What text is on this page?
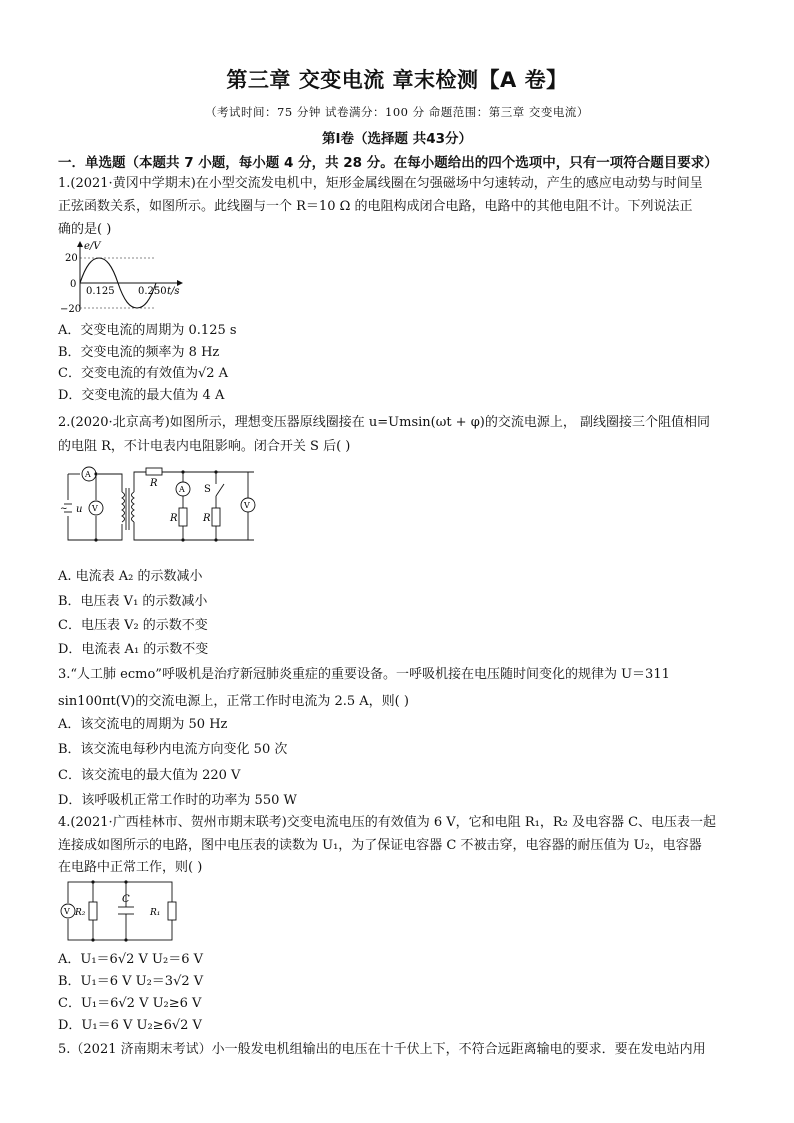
第三章 交变电流 章末检测【A 卷】
（考试时间：75 分钟 试卷满分：100 分 命题范围：第三章 交变电流）
第Ⅰ卷（选择题 共43分）
一．单选题（本题共 7 小题，每小题 4 分，共 28 分。在每小题给出的四个选项中，只有一项符合题目要求）
1.(2021·黄冈中学期末)在小型交流发电机中，矩形金属线圈在匀强磁场中匀速转动，产生的感应电动势与时间呈
正弦函数关系，如图所示。此线圈与一个 R＝10 Ω 的电阻构成闭合电路，电路中的其他电阻不计。下列说法正
确的是( )
e/V
20
0
−20
0.125 0.250 t/s
A．交变电流的周期为 0.125 s
B．交变电流的频率为 8 Hz
C．交变电流的有效值为√2 A
D．交变电流的最大值为 4 A
2.(2020·北京高考)如图所示，理想变压器原线圈接在 u=Umsin(ωt + φ)的交流电源上， 副线圈接三个阻值相同
的电阻 R，不计电表内电阻影响。闭合开关 S 后( )
A
V
A
V
~ u
R
R
S
R
A. 电流表 A₂ 的示数减小
B．电压表 V₁ 的示数减小
C．电压表 V₂ 的示数不变
D．电流表 A₁ 的示数不变
3.“人工肺 ecmo”呼吸机是治疗新冠肺炎重症的重要设备。一呼吸机接在电压随时间变化的规律为 U＝311
sin100πt(V)的交流电源上，正常工作时电流为 2.5 A，则( )
A．该交流电的周期为 50 Hz
B．该交流电每秒内电流方向变化 50 次
C．该交流电的最大值为 220 V
D．该呼吸机正常工作时的功率为 550 W
4.(2021·广西桂林市、贺州市期末联考)交变电流电压的有效值为 6 V，它和电阻 R₁，R₂ 及电容器 C、电压表一起
连接成如图所示的电路，图中电压表的读数为 U₁，为了保证电容器 C 不被击穿，电容器的耐压值为 U₂，电容器
在电路中正常工作，则( )
V R₂
C
R₁
A．U₁＝6√2 V U₂＝6 V
B．U₁＝6 V U₂＝3√2 V
C．U₁＝6√2 V U₂≥6 V
D．U₁＝6 V U₂≥6√2 V
5.（2021 济南期末考试）小一般发电机组输出的电压在十千伏上下，不符合远距离输电的要求．要在发电站内用
